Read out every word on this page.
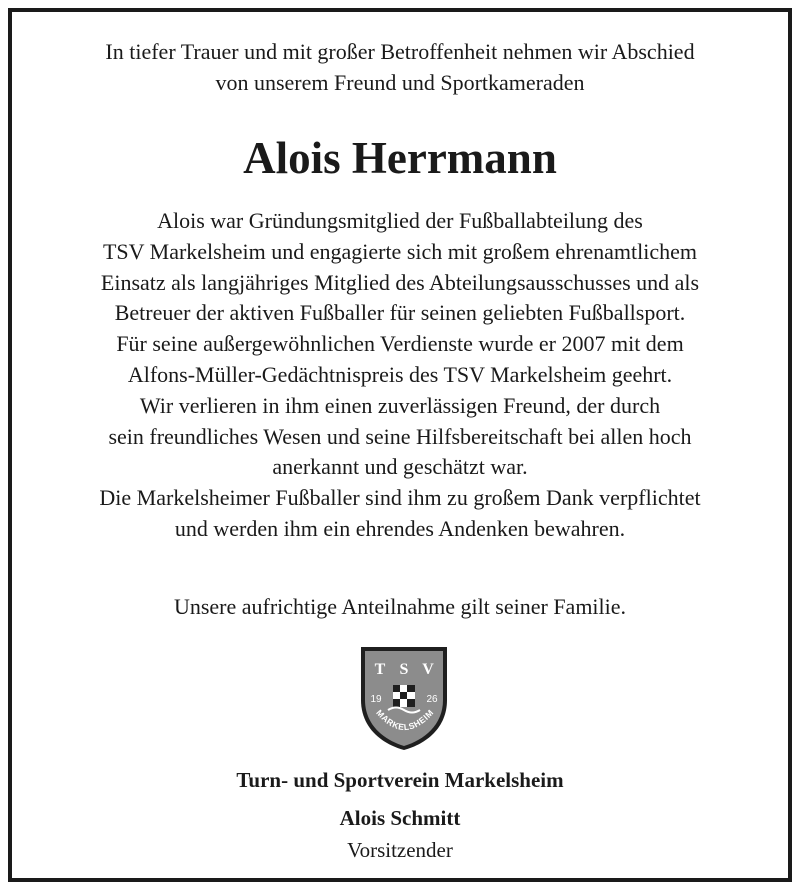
In tiefer Trauer und mit großer Betroffenheit nehmen wir Abschied
von unserem Freund und Sportkameraden
Alois Herrmann
Alois war Gründungsmitglied der Fußballabteilung des
TSV Markelsheim und engagierte sich mit großem ehrenamtlichem
Einsatz als langjähriges Mitglied des Abteilungsausschusses und als
Betreuer der aktiven Fußballer für seinen geliebten Fußballsport.
Für seine außergewöhnlichen Verdienste wurde er 2007 mit dem
Alfons-Müller-Gedächtnispreis des TSV Markelsheim geehrt.
Wir verlieren in ihm einen zuverlässigen Freund, der durch
sein freundliches Wesen und seine Hilfsbereitschaft bei allen hoch
anerkannt und geschätzt war.
Die Markelsheimer Fußballer sind ihm zu großem Dank verpflichtet
und werden ihm ein ehrendes Andenken bewahren.
Unsere aufrichtige Anteilnahme gilt seiner Familie.
T S V
19	26
MARKELSHEIM
Turn- und Sportverein Markelsheim
Alois Schmitt
Vorsitzender
